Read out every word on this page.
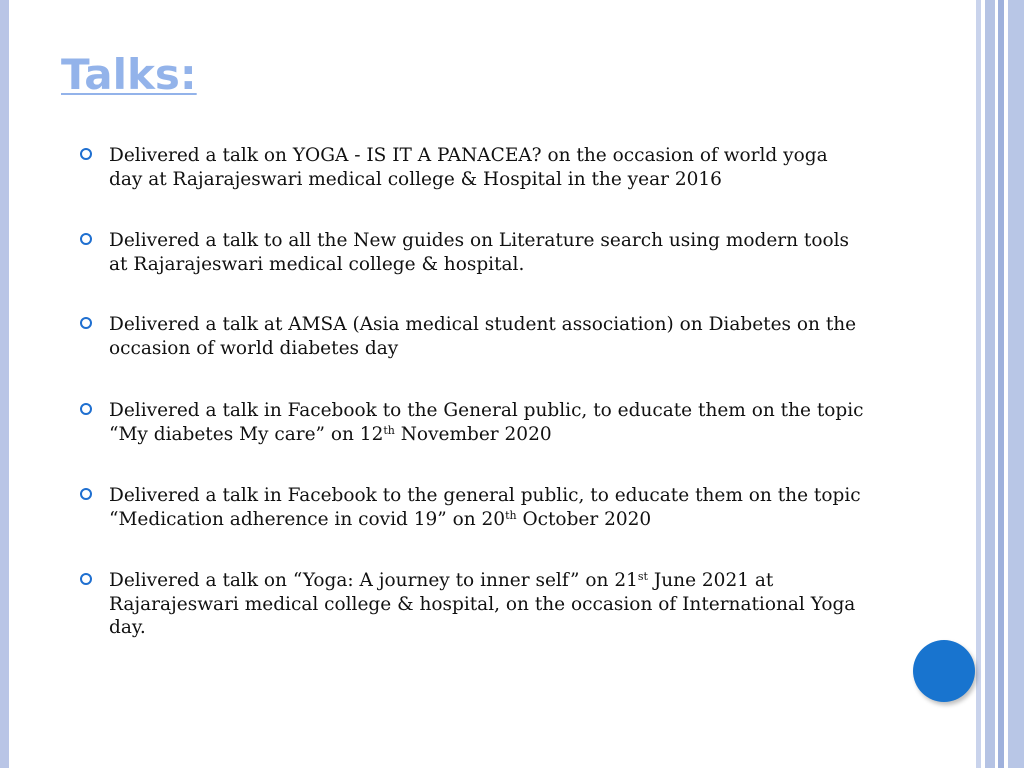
Talks:
Delivered a talk on YOGA - IS IT A PANACEA? on the occasion of world yoga
day at Rajarajeswari medical college & Hospital in the year 2016
Delivered a talk to all the New guides on Literature search using modern tools
at Rajarajeswari medical college & hospital.
Delivered a talk at AMSA (Asia medical student association) on Diabetes on the
occasion of world diabetes day
Delivered a talk in Facebook to the General public, to educate them on the topic
“My diabetes My care” on 12th November 2020
Delivered a talk in Facebook to the general public, to educate them on the topic
“Medication adherence in covid 19” on 20th October 2020
Delivered a talk on “Yoga: A journey to inner self” on 21st June 2021 at
Rajarajeswari medical college & hospital, on the occasion of International Yoga
day.
